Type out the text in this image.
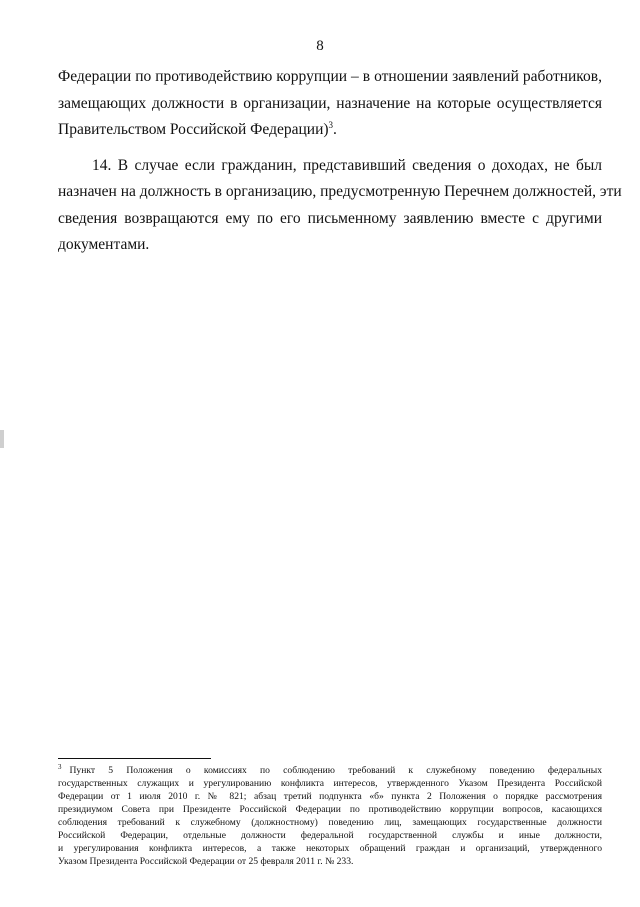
8
Федерации по противодействию коррупции – в отношении заявлений работников,
замещающих должности в организации, назначение на которые осуществляется
Правительством Российской Федерации)$^3$.
14. В случае если гражданин, представивший сведения о доходах, не был
назначен на должность в организацию, предусмотренную Перечнем должностей, эти
сведения возвращаются ему по его письменному заявлению вместе с другими
документами.
$^3$ Пункт 5 Положения о комиссиях по соблюдению требований к служебному поведению федеральных
государственных служащих и урегулированию конфликта интересов, утвержденного Указом Президента Российской
Федерации от 1 июля 2010 г. № 821; абзац третий подпункта «б» пункта 2 Положения о порядке рассмотрения
президиумом Совета при Президенте Российской Федерации по противодействию коррупции вопросов, касающихся
соблюдения требований к служебному (должностному) поведению лиц, замещающих государственные должности
Российской Федерации, отдельные должности федеральной государственной службы и иные должности,
и урегулирования конфликта интересов, а также некоторых обращений граждан и организаций, утвержденного
Указом Президента Российской Федерации от 25 февраля 2011 г. № 233.
